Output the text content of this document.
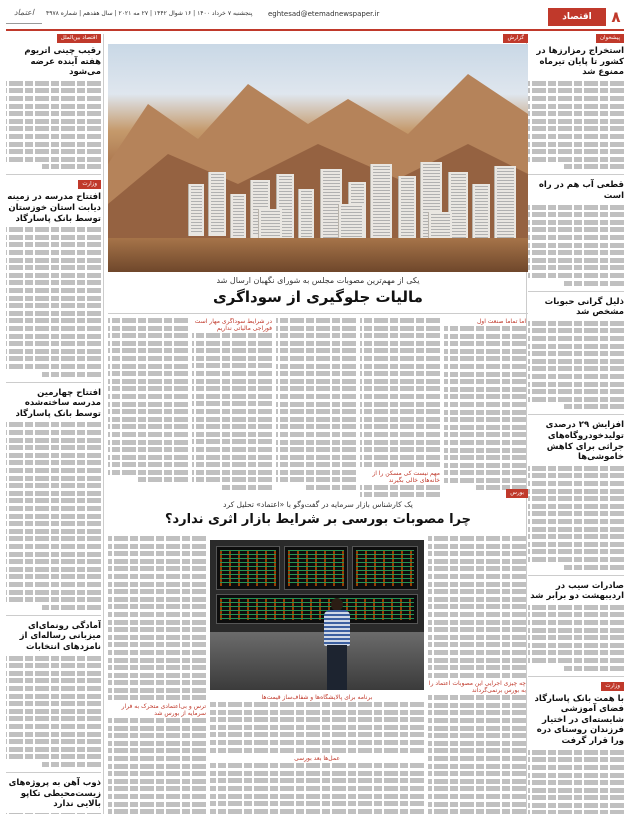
۸
اقتصاد
eghtesad@etemadnewspaper.ir
پنجشنبه ۷ خرداد ۱۴۰۰ | ۱۶ شوال ۱۴۴۲ | ۲۷ مه ۲۰۲۱ | سال هفدهم | شماره ۴۹۷۸
اعتماد
پیشخوان
استخراج رمزارزها در کشور تا پایان تیرماه ممنوع شد
قطعی آب هم در راه است
ذلیل گرانی حبوبات مشخص شد
افزایش ۲۹ درصدی تولیدخودروگاه‌های جراثی برای کاهش خاموشی‌ها
صادرات سیب در اردیبهشت دو برابر شد
وزارت
با همت بانک پاسارگاد فضای آموزشی شایسته‌ای در اختیار فرزندان روستای دره ورا قرار گرفت
گزارش
یکی از مهم‌ترین مصوبات مجلس به شورای نگهبان ارسال شد
مالیات جلوگیری از سوداگری
اما تماما صنعت اول
مهم نیست کی مسکن را از خانه‌های خالی بگیرند
در شرایط سوداگری مهار است‌ فوراجی مالیاتی نداریم
بورس
یک کارشناس بازار سرمایه در گفت‌وگو با «اعتماد» تحلیل کرد
چرا مصوبات بورسی بر شرایط بازار اثری ندارد؟
چه چیزی اجرایی این مصوبات اعتماد را به بورس برنمی‌گرداند
ترس و بی‌اعتمادی متحرک به فرار سرمایه از بورس شد
برنامه برای پالایشگاه‌ها و شفاف‌ساز قیمت‌ها
عمل‌ها بعد بورسی
اقتصاد بین‌الملل
رقیب چینی اتریوم هفته آینده عرضه می‌شود
وزارت
افتتاح مدرسه در زمینه دیابت استان خوزستان توسط بانک پاسارگاد
افتتاح چهارمین مدرسه ساخته‌شده توسط بانک پاسارگاد
آمادگی رونمای‌ای میزبانی رساله‌ای از نامزدهای انتخابات
ذوب آهن به پروژه‌های زیست‌محیطی تکاپو بالایی ندارد
